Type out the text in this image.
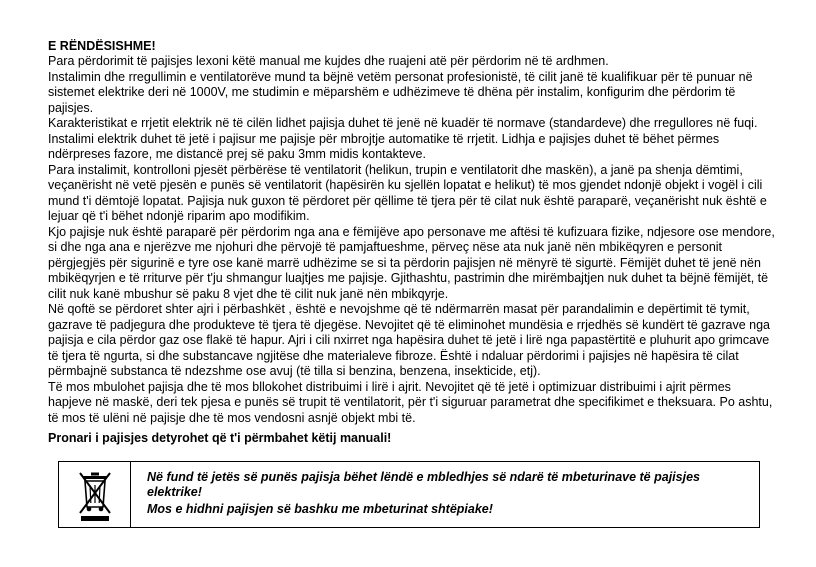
E RËNDËSISHME!

Para përdorimit të pajisjes lexoni këtë manual me kujdes dhe ruajeni atë për përdorim në të ardhmen.

Instalimin dhe rregullimin e ventilatorëve mund ta bëjnë vetëm personat profesionistë, të cilit janë të kualifikuar për të punuar në sistemet elektrike deri në 1000V, me studimin e mëparshëm e udhëzimeve të dhëna për instalim, konfigurim dhe përdorim të pajisjes.

Karakteristikat e rrjetit elektrik në të cilën lidhet pajisja duhet të jenë në kuadër të normave (standardeve) dhe rregullores në fuqi. Instalimi elektrik duhet të jetë i pajisur me pajisje për mbrojtje automatike të rrjetit. Lidhja e pajisjes duhet të bëhet përmes ndërpreses fazore, me distancë prej së paku 3mm midis kontakteve.

Para instalimit, kontrolloni pjesët përbërëse të ventilatorit (helikun, trupin e ventilatorit dhe maskën), a janë pa shenja dëmtimi, veçanërisht në vetë pjesën e punës së ventilatorit (hapësirën ku sjellën lopatat e helikut) të mos gjendet ndonjë objekt i vogël i cili mund t'i dëmtojë lopatat. Pajisja nuk guxon të përdoret për qëllime të tjera për të cilat nuk është paraparë, veçanërisht nuk është e lejuar që t'i bëhet ndonjë riparim apo modifikim.

Kjo pajisje nuk është paraparë për përdorim nga ana e fëmijëve apo personave me aftësi të kufizuara fizike, ndjesore ose mendore, si dhe nga ana e njerëzve me njohuri dhe përvojë të pamjaftueshme, përveç nëse ata nuk janë nën mbikëqyren e personit përgjegjës për sigurinë e tyre ose kanë marrë udhëzime se si ta përdorin pajisjen në mënyrë të sigurtë. Fëmijët duhet të jenë nën mbikëqyrjen e të rriturve për t'ju shmangur luajtjes me pajisje. Gjithashtu, pastrimin dhe mirëmbajtjen nuk duhet ta bëjnë fëmijët, të cilit nuk kanë mbushur së paku 8 vjet dhe të cilit nuk janë nën mbikqyrje.

Në qoftë se përdoret shter ajri i përbashkët , është e nevojshme që të ndërmarrën masat për parandalimin e depërtimit të tymit, gazrave të padjegura dhe produkteve të tjera të djegëse. Nevojitet që të eliminohet mundësia e rrjedhës së kundërt të gazrave nga pajisja e cila përdor gaz ose flakë të hapur. Ajri i cili nxirret nga hapësira duhet të jetë i lirë nga papastërtitë e pluhurit apo grimcave të tjera të ngurta, si dhe substancave ngjitëse dhe materialeve fibroze. Është i ndaluar përdorimi i pajisjes në hapësira të cilat përmbajnë substanca të ndezshme ose avuj (të tilla si benzina, benzena, insekticide, etj).

Të mos mbulohet pajisja dhe të mos bllokohet distribuimi i lirë i ajrit. Nevojitet që të jetë i optimizuar distribuimi i ajrit përmes hapjeve në maskë, deri tek pjesa e punës së trupit të ventilatorit, për t'i siguruar parametrat dhe specifikimet e theksuara. Po ashtu, të mos të ulëni në pajisje dhe të mos vendosni asnjë objekt mbi të.

Pronari i pajisjes detyrohet që t'i përmbahet këtij manuali!

Në fund të jetës së punës pajisja bëhet lëndë e mbledhjes së ndarë të mbeturinave të pajisjes elektrike!

Mos e hidhni pajisjen së bashku me mbeturinat shtëpiake!
